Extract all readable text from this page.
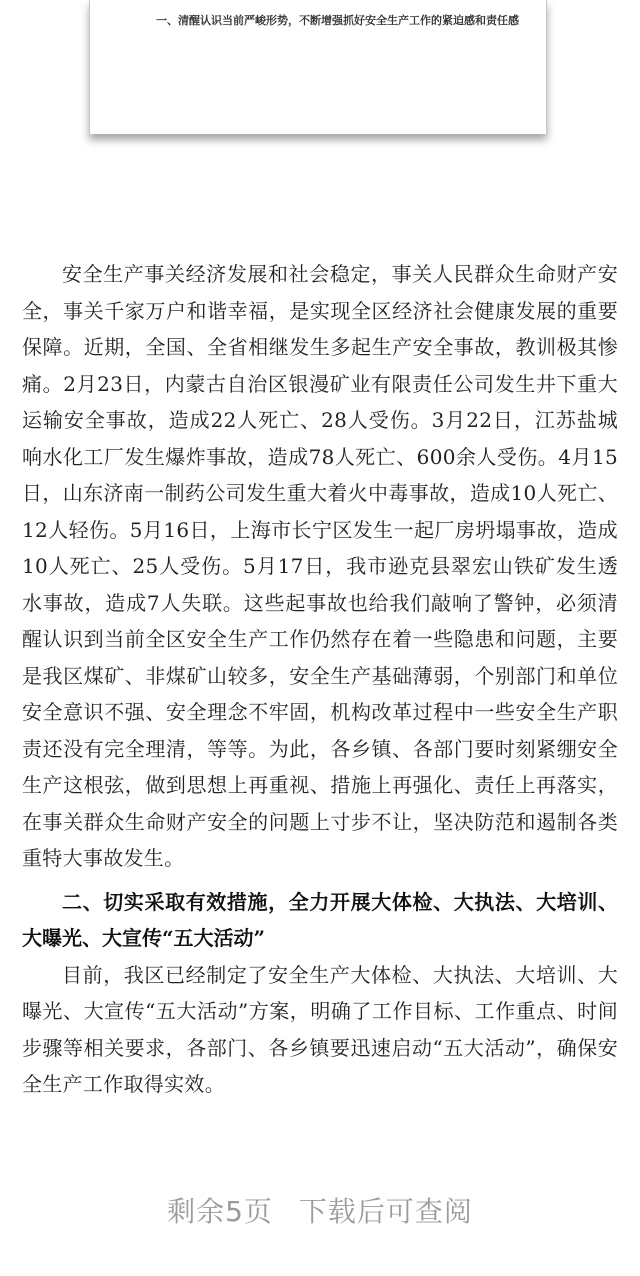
一、清醒认识当前严峻形势，不断增强抓好安全生产工作的紧迫感和责任感

安全生产事关经济发展和社会稳定，事关人民群众生命财产安全，事关千家万户和谐幸福，是实现全区经济社会健康发展的重要保障。近期，全国、全省相继发生多起生产安全事故，教训极其惨痛。2月23日，内蒙古自治区银漫矿业有限责任公司发生井下重大运输安全事故，造成22人死亡、28人受伤。3月22日，江苏盐城响水化工厂发生爆炸事故，造成78人死亡、600余人受伤。4月15日，山东济南一制药公司发生重大着火中毒事故，造成10人死亡、12人轻伤。5月16日，上海市长宁区发生一起厂房坍塌事故，造成10人死亡、25人受伤。5月17日，我市逊克县翠宏山铁矿发生透水事故，造成7人失联。这些起事故也给我们敲响了警钟，必须清醒认识到当前全区安全生产工作仍然存在着一些隐患和问题，主要是我区煤矿、非煤矿山较多，安全生产基础薄弱，个别部门和单位安全意识不强、安全理念不牢固，机构改革过程中一些安全生产职责还没有完全理清，等等。为此，各乡镇、各部门要时刻紧绷安全生产这根弦，做到思想上再重视、措施上再强化、责任上再落实，在事关群众生命财产安全的问题上寸步不让，坚决防范和遏制各类重特大事故发生。

二、切实采取有效措施，全力开展大体检、大执法、大培训、大曝光、大宣传“五大活动”

目前，我区已经制定了安全生产大体检、大执法、大培训、大曝光、大宣传“五大活动”方案，明确了工作目标、工作重点、时间步骤等相关要求，各部门、各乡镇要迅速启动“五大活动”，确保安全生产工作取得实效。

剩余5页 下载后可查阅
